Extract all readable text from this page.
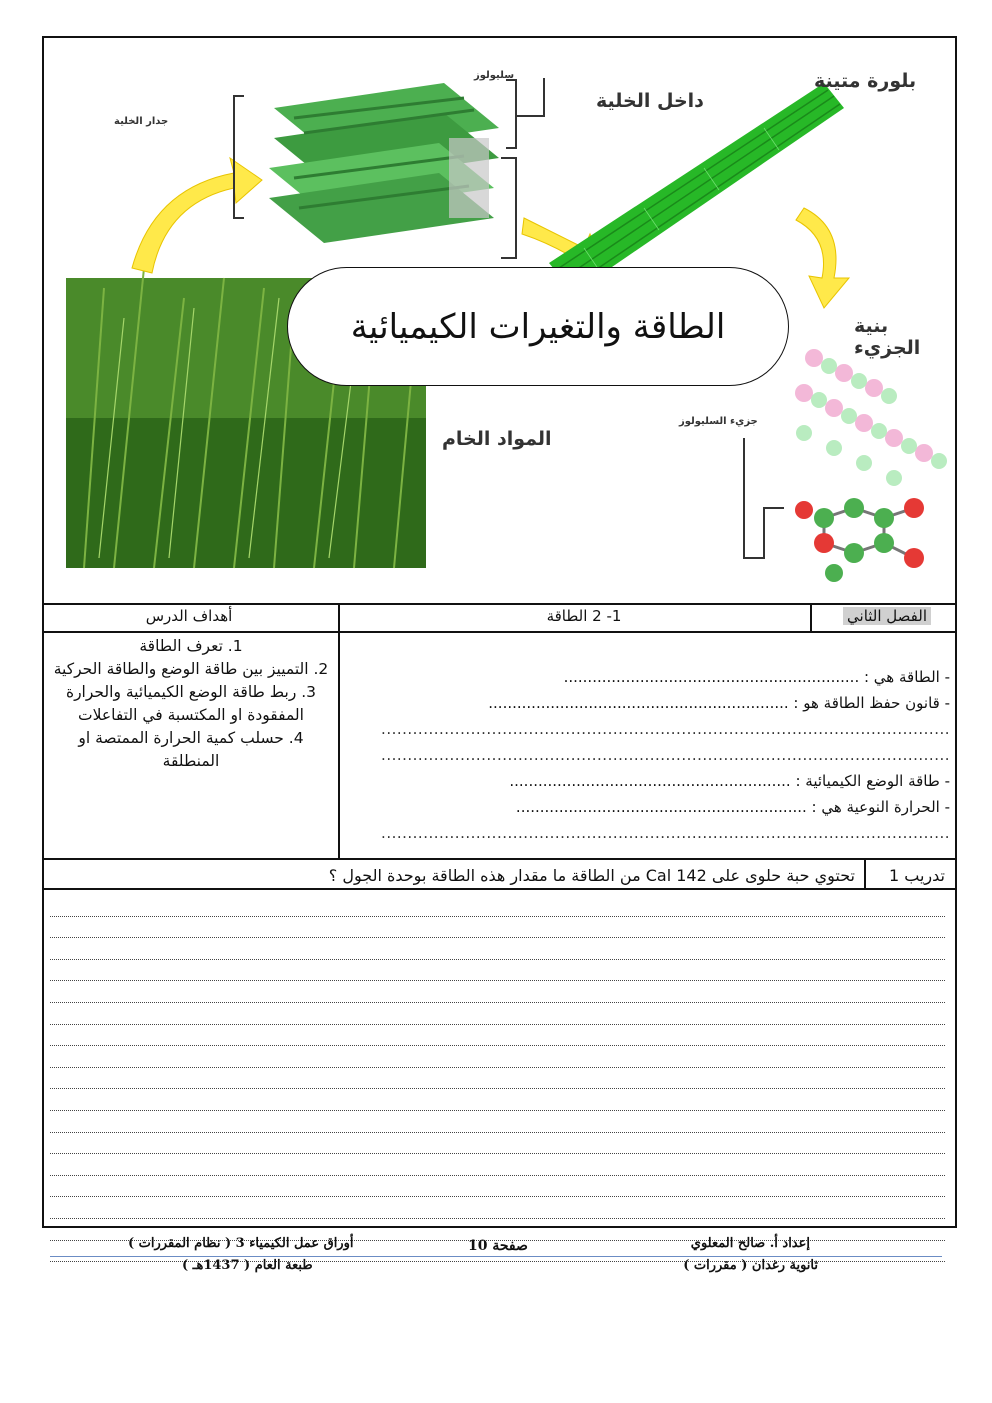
بلورة متينة
داخل الخلية
بنية الجزيء
المواد الخام
جدار الخلية
سليولوز
جزيء السليولوز
الطاقة والتغيرات الكيميائية
الفصل الثاني
1- 2 الطاقة
أهداف الدرس
1. تعرف الطاقة
2. التمييز بين طاقة الوضع والطاقة الحركية
3. ربط طاقة الوضع الكيميائية والحرارة المفقودة او المكتسبة في التفاعلات
4. حسلب كمية الحرارة الممتصة او المنطلقة
- الطاقة هي : ..............................................................
- قانون حفظ الطاقة هو : ...............................................................
............................................................................................................
............................................................................................................
- طاقة الوضع الكيميائية : ...........................................................
- الحرارة النوعية هي : .............................................................
............................................................................................................
تدريب 1
تحتوي حبة حلوى على 142 Cal من الطاقة ما مقدار هذه الطاقة بوحدة الجول ؟
إعداد أ. صالح المعلوي
ثانوية رغدان ( مقررات )
صفحة 10
أوراق عمل الكيمياء 3 ( نظام المقررات )
طبعة العام ( 1437هـ )
